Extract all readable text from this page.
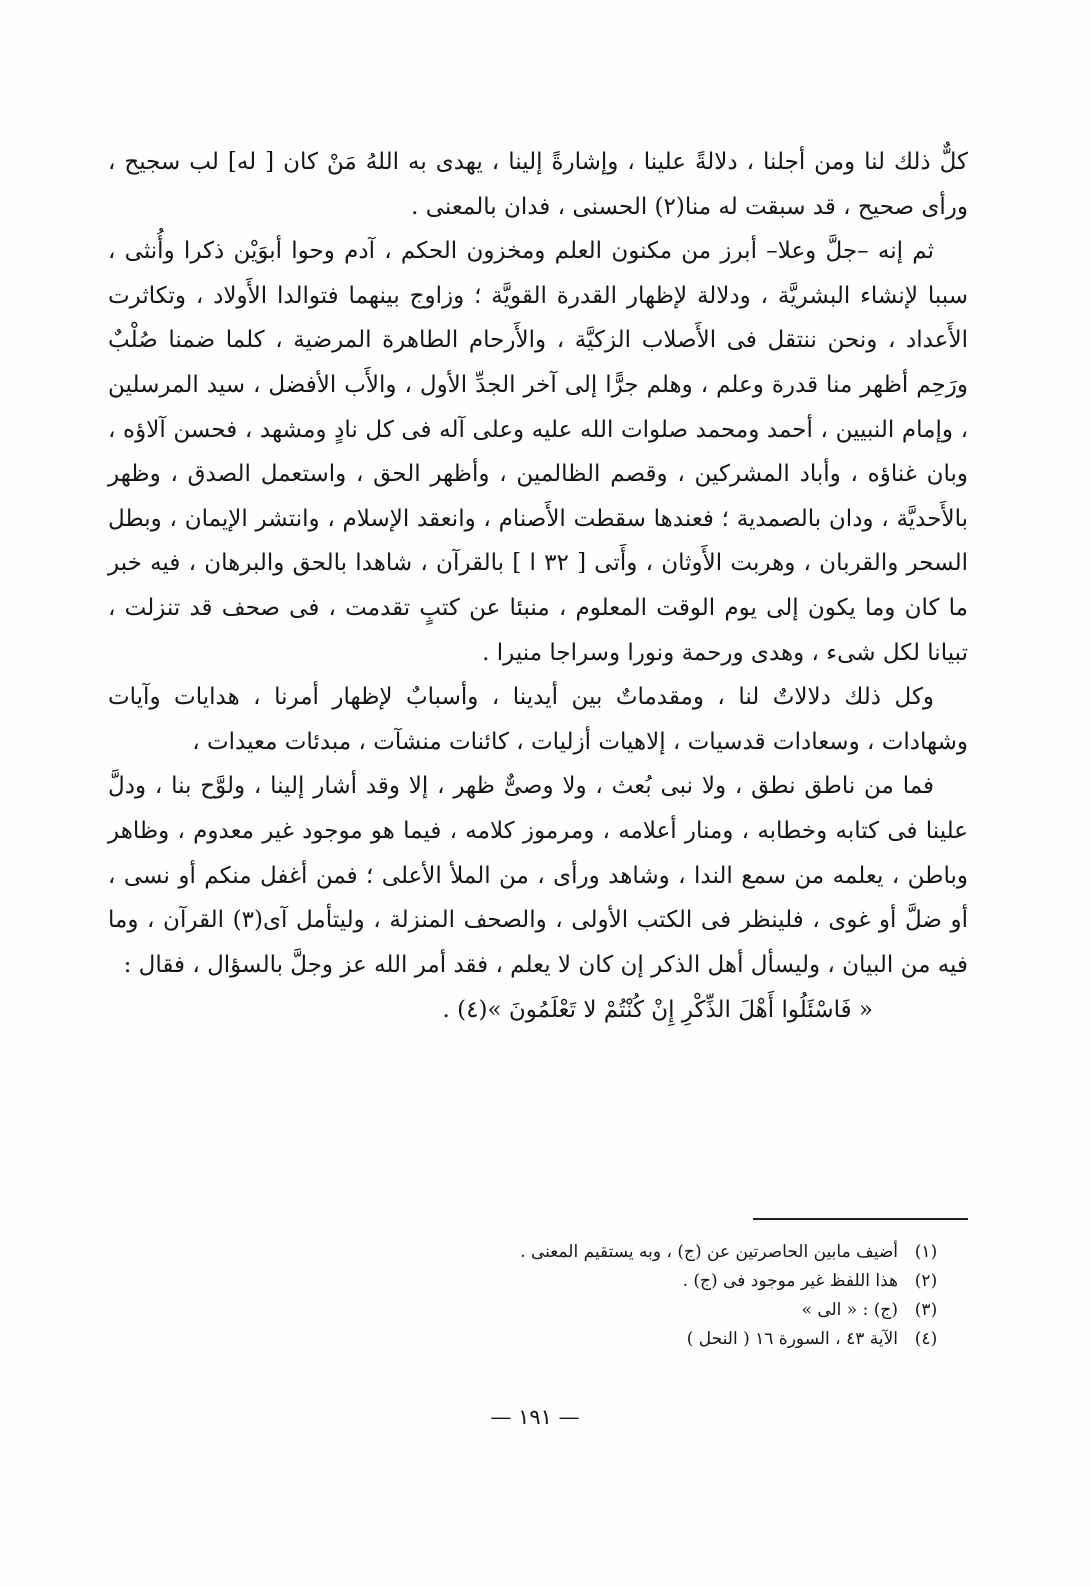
كلٌّ ذلك لنا ومن أجلنا ، دلالةً علينا ، وإشارةً إلينا ، يهدى به اللهُ مَنْ كان [ له] لب سجيح ، ورأى صحيح ، قد سبقت له منا(٢) الحسنى ، فدان بالمعنى .

ثم إنه –جلَّ وعلا– أبرز من مكنون العلم ومخزون الحكم ، آدم وحوا أبوَيْن ذكرا وأُنثى ، سببا لإنشاء البشريَّة ، ودلالة لإظهار القدرة القويَّة ؛ وزاوج بينهما فتوالدا الأَولاد ، وتكاثرت الأَعداد ، ونحن ننتقل فى الأَصلاب الزكيَّة ، والأَرحام الطاهرة المرضية ، كلما ضمنا صُلْبٌ ورَحِم أظهر منا قدرة وعلم ، وهلم جرًّا إلى آخر الجدِّ الأول ، والأَب الأفضل ، سيد المرسلين ، وإمام النبيين ، أحمد ومحمد صلوات الله عليه وعلى آله فى كل نادٍ ومشهد ، فحسن آلاؤه ، وبان غناؤه ، وأباد المشركين ، وقصم الظالمين ، وأظهر الحق ، واستعمل الصدق ، وظهر بالأَحديَّة ، ودان بالصمدية ؛ فعندها سقطت الأَصنام ، وانعقد الإسلام ، وانتشر الإيمان ، وبطل السحر والقربان ، وهربت الأَوثان ، وأَتى [ ٣٢ ا ] بالقرآن ، شاهدا بالحق والبرهان ، فيه خبر ما كان وما يكون إلى يوم الوقت المعلوم ، منبئا عن كتبٍ تقدمت ، فى صحف قد تنزلت ، تبيانا لكل شىء ، وهدى ورحمة ونورا وسراجا منيرا .

وكل ذلك دلالاتٌ لنا ، ومقدماتٌ بين أيدينا ، وأسبابٌ لإظهار أمرنا ، هدايات وآيات وشهادات ، وسعادات قدسيات ، إلاهيات أزليات ، كائنات منشآت ، مبدئات معيدات ،

فما من ناطق نطق ، ولا نبى بُعث ، ولا وصىٌّ ظهر ، إلا وقد أشار إلينا ، ولوَّح بنا ، ودلَّ علينا فى كتابه وخطابه ، ومنار أعلامه ، ومرموز كلامه ، فيما هو موجود غير معدوم ، وظاهر وباطن ، يعلمه من سمع الندا ، وشاهد ورأى ، من الملأ الأعلى ؛ فمن أغفل منكم أو نسى ، أو ضلَّ أو غوى ، فلينظر فى الكتب الأولى ، والصحف المنزلة ، وليتأمل آى(٣) القرآن ، وما فيه من البيان ، وليسأل أهل الذكر إن كان لا يعلم ، فقد أمر الله عز وجلَّ بالسؤال ، فقال :

« فَاسْئَلُوا أَهْلَ الذِّكْرِ إِنْ كُنْتُمْ لا تَعْلَمُونَ »(٤) .

(١)
أضيف مابين الحاصرتين عن (ج) ، وبه يستقيم المعنى .
(٢)
هذا اللفظ غير موجود فى (ج) .
(٣)
(ج) : « الى »
(٤)
الآية ٤٣ ، السورة ١٦ ( النحل )
— ١٩١ —
